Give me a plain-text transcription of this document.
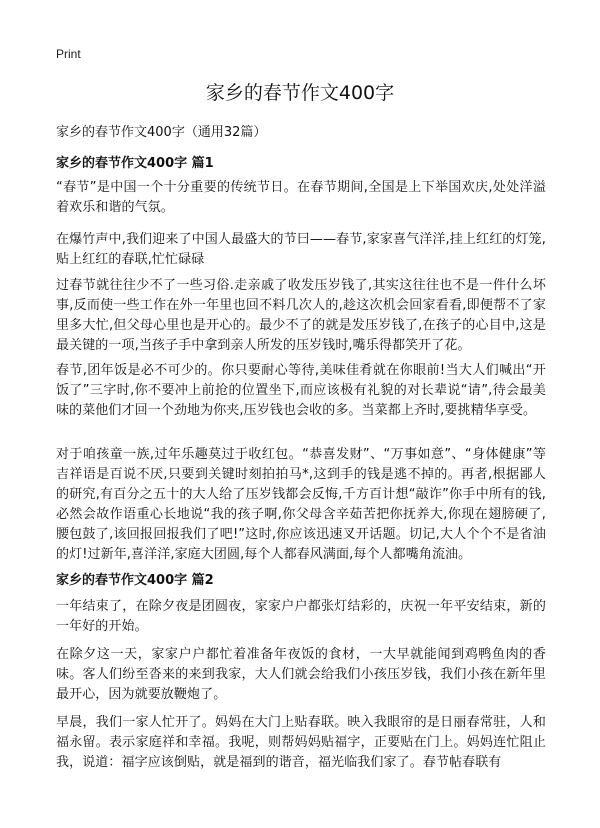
Print
家乡的春节作文400字

家乡的春节作文400字（通用32篇）

家乡的春节作文400字 篇1

“春节”是中国一个十分重要的传统节日。在春节期间,全国是上下举国欢庆,处处洋溢着欢乐和谐的气氛。

在爆竹声中,我们迎来了中国人最盛大的节曰——春节,家家喜气洋洋,挂上红红的灯笼,贴上红红的春联,忙忙碌碌

过春节就往往少不了一些习俗.走亲戚了收发压岁钱了,其实这往往也不是一件什么坏事,反而使一些工作在外一年里也回不料几次人的,趁这次机会回家看看,即便帮不了家里多大忙,但父母心里也是开心的。最少不了的就是发压岁钱了,在孩子的心目中,这是最关键的一项,当孩子手中拿到亲人所发的压岁钱时,嘴乐得都笑开了花。

春节,团年饭是必不可少的。你只要耐心等待,美味佳肴就在你眼前!当大人们喊出“开饭了”三字时,你不要冲上前抢的位置坐下,而应该极有礼貌的对长辈说“请”,待会最美味的菜他们才回一个劲地为你夹,压岁钱也会收的多。当菜都上齐时,要挑精华享受。

对于咱孩童一族,过年乐趣莫过于收红包。“恭喜发财”、“万事如意”、“身体健康”等吉祥语是百说不厌,只要到关键时刻拍拍马*,这到手的钱是逃不掉的。再者,根据鄙人的研究,有百分之五十的大人给了压岁钱都会反悔,千方百计想“敲诈”你手中所有的钱,必然会故作语重心长地说“我的孩子啊,你父母含辛茹苦把你抚养大,你现在翅膀硬了,腰包鼓了,该回报回报我们了吧!”这时,你应该迅速叉开话题。切记,大人个个不是省油的灯!过新年,喜洋洋,家庭大团圆,每个人都春风满面,每个人都嘴角流油。

家乡的春节作文400字 篇2

一年结束了，在除夕夜是团圆夜，家家户户都张灯结彩的，庆祝一年平安结束，新的一年好的开始。

在除夕这一天，家家户户都忙着准备年夜饭的食材，一大早就能闻到鸡鸭鱼肉的香味。客人们纷至沓来的来到我家，大人们就会给我们小孩压岁钱，我们小孩在新年里最开心，因为就要放鞭炮了。

早晨，我们一家人忙开了。妈妈在大门上贴春联。映入我眼帘的是日丽春常驻，人和福永留。表示家庭祥和幸福。我呢，则帮妈妈贴福字，正要贴在门上。妈妈连忙阻止我，说道：福字应该倒贴，就是福到的谐音，福光临我们家了。春节帖春联有
